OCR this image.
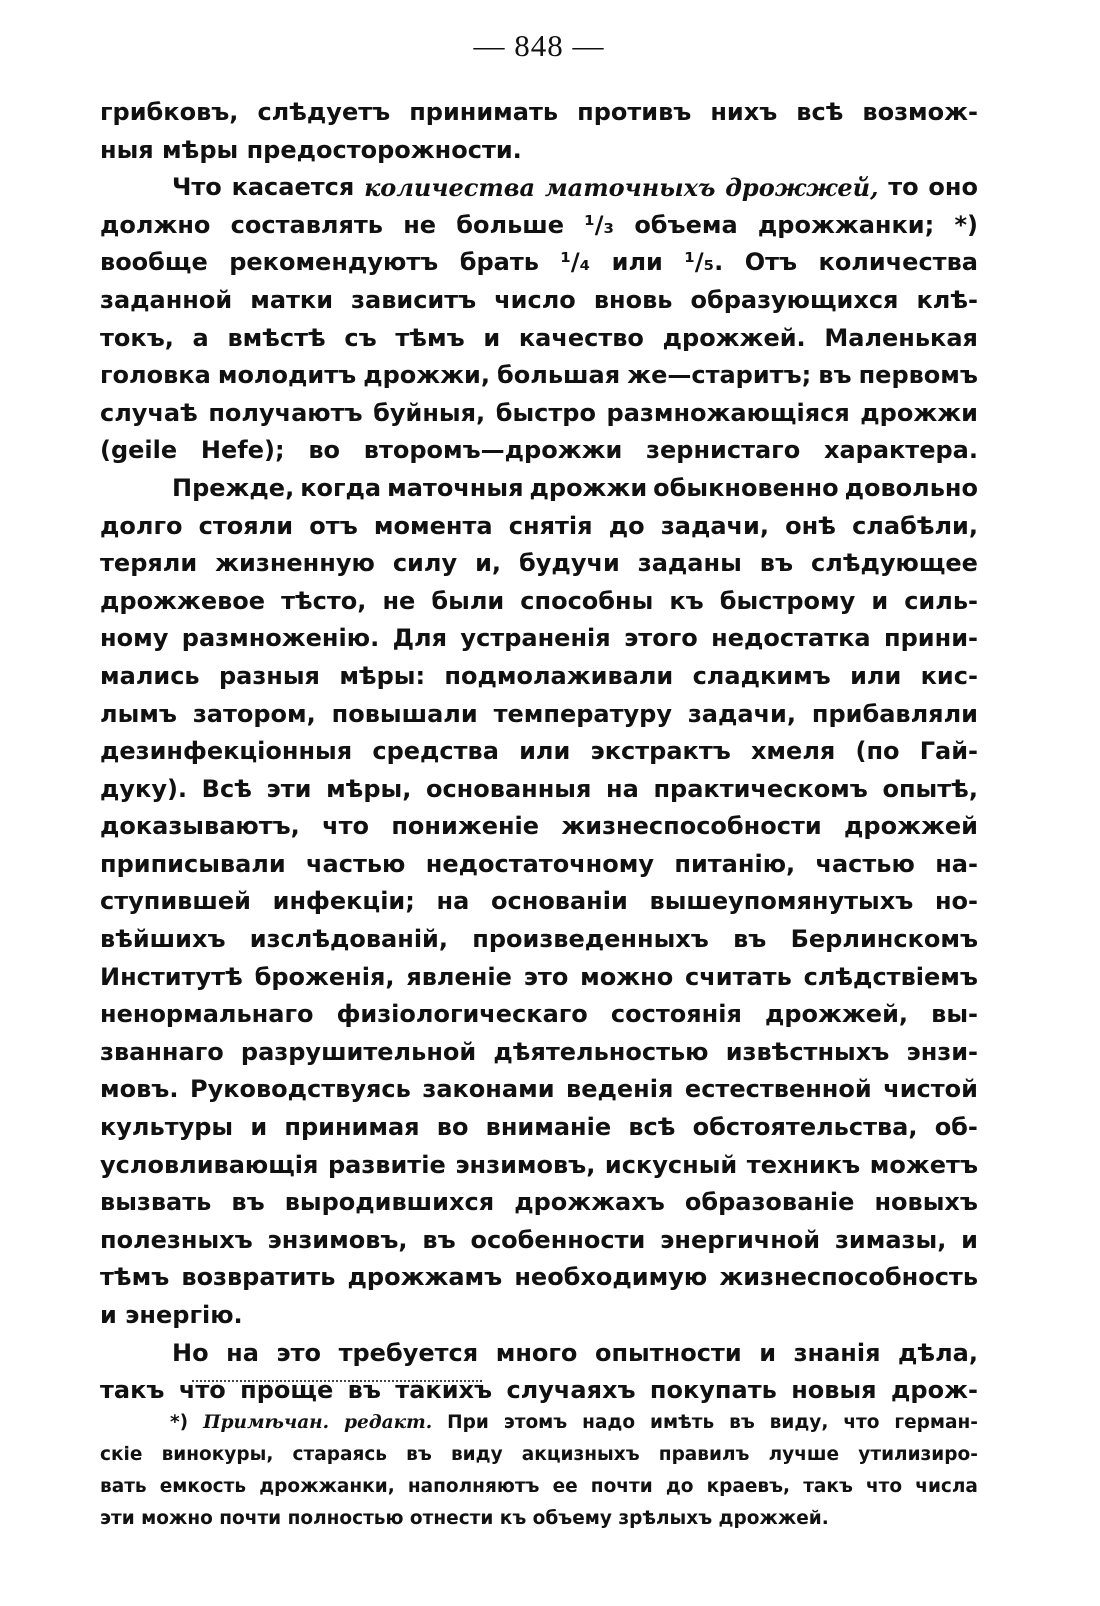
— 848 —
грибковъ, слѣдуетъ принимать противъ нихъ всѣ возмож-
ныя мѣры предосторожности.
Что касается количества маточныхъ дрожжей, то оно
должно составлять не больше ¹/₃ объема дрожжанки; *)
вообще рекомендуютъ брать ¹/₄ или ¹/₅. Отъ количества
заданной матки зависитъ число вновь образующихся клѣ-
токъ, а вмѣстѣ съ тѣмъ и качество дрожжей. Маленькая
головка молодитъ дрожжи, большая же—старитъ; въ первомъ
случаѣ получаютъ буйныя, быстро размножающіяся дрожжи
(geile Hefe); во второмъ—дрожжи зернистаго характера.
Прежде, когда маточныя дрожжи обыкновенно довольно
долго стояли отъ момента снятія до задачи, онѣ слабѣли,
теряли жизненную силу и, будучи заданы въ слѣдующее
дрожжевое тѣсто, не были способны къ быстрому и силь-
ному размноженію. Для устраненія этого недостатка прини-
мались разныя мѣры: подмолаживали сладкимъ или кис-
лымъ затором, повышали температуру задачи, прибавляли
дезинфекціонныя средства или экстрактъ хмеля (по Гай-
дуку). Всѣ эти мѣры, основанныя на практическомъ опытѣ,
доказываютъ, что пониженіе жизнеспособности дрожжей
приписывали частью недостаточному питанію, частью на-
ступившей инфекціи; на основаніи вышеупомянутыхъ но-
вѣйшихъ изслѣдованій, произведенныхъ въ Берлинскомъ
Институтѣ броженія, явленіе это можно считать слѣдствіемъ
ненормальнаго физіологическаго состоянія дрожжей, вы-
званнаго разрушительной дѣятельностью извѣстныхъ энзи-
мовъ. Руководствуясь законами веденія естественной чистой
культуры и принимая во вниманіе всѣ обстоятельства, об-
условливающія развитіе энзимовъ, искусный техникъ можетъ
вызвать въ выродившихся дрожжахъ образованіе новыхъ
полезныхъ энзимовъ, въ особенности энергичной зимазы, и
тѣмъ возвратить дрожжамъ необходимую жизнеспособность
и энергію.
Но на это требуется много опытности и знанія дѣла,
такъ что проще въ такихъ случаяхъ покупать новыя дрож-
*) Примѣчан. редакт. При этомъ надо имѣть въ виду, что герман-
скіе винокуры, стараясь въ виду акцизныхъ правилъ лучше утилизиро-
вать емкость дрожжанки, наполняютъ ее почти до краевъ, такъ что числа
эти можно почти полностью отнести къ объему зрѣлыхъ дрожжей.
